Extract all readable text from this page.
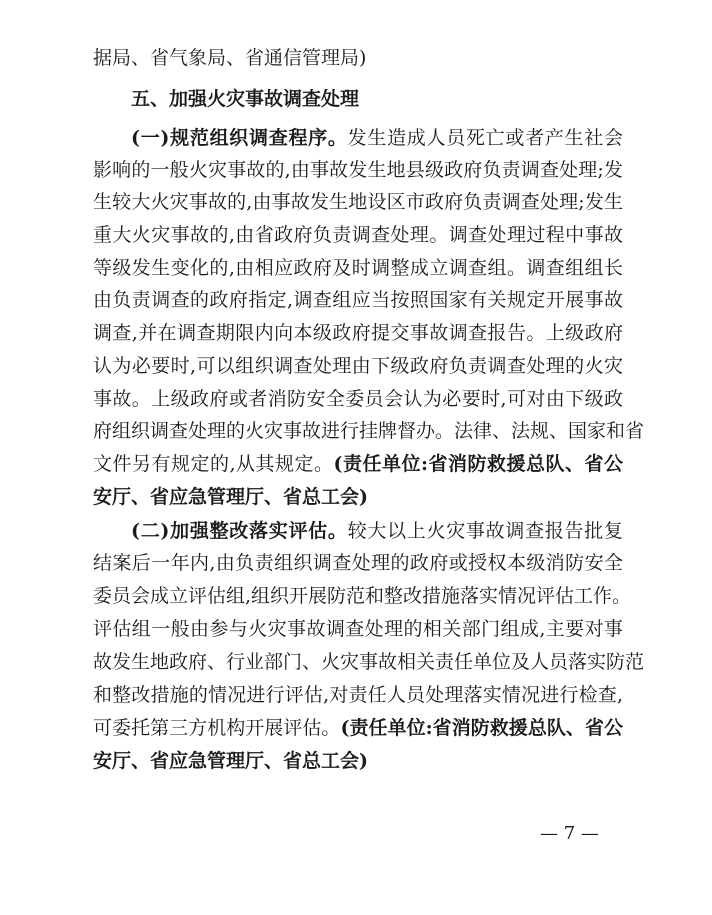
据局、省气象局、省通信管理局)
五、加强火灾事故调查处理
(一)规范组织调查程序。发生造成人员死亡或者产生社会
影响的一般火灾事故的,由事故发生地县级政府负责调查处理;发
生较大火灾事故的,由事故发生地设区市政府负责调查处理;发生
重大火灾事故的,由省政府负责调查处理。调查处理过程中事故
等级发生变化的,由相应政府及时调整成立调查组。调查组组长
由负责调查的政府指定,调查组应当按照国家有关规定开展事故
调查,并在调查期限内向本级政府提交事故调查报告。上级政府
认为必要时,可以组织调查处理由下级政府负责调查处理的火灾
事故。上级政府或者消防安全委员会认为必要时,可对由下级政
府组织调查处理的火灾事故进行挂牌督办。法律、法规、国家和省
文件另有规定的,从其规定。(责任单位:省消防救援总队、省公
安厅、省应急管理厅、省总工会)
(二)加强整改落实评估。较大以上火灾事故调查报告批复
结案后一年内,由负责组织调查处理的政府或授权本级消防安全
委员会成立评估组,组织开展防范和整改措施落实情况评估工作。
评估组一般由参与火灾事故调查处理的相关部门组成,主要对事
故发生地政府、行业部门、火灾事故相关责任单位及人员落实防范
和整改措施的情况进行评估,对责任人员处理落实情况进行检查,
可委托第三方机构开展评估。(责任单位:省消防救援总队、省公
安厅、省应急管理厅、省总工会)
— 7 —
